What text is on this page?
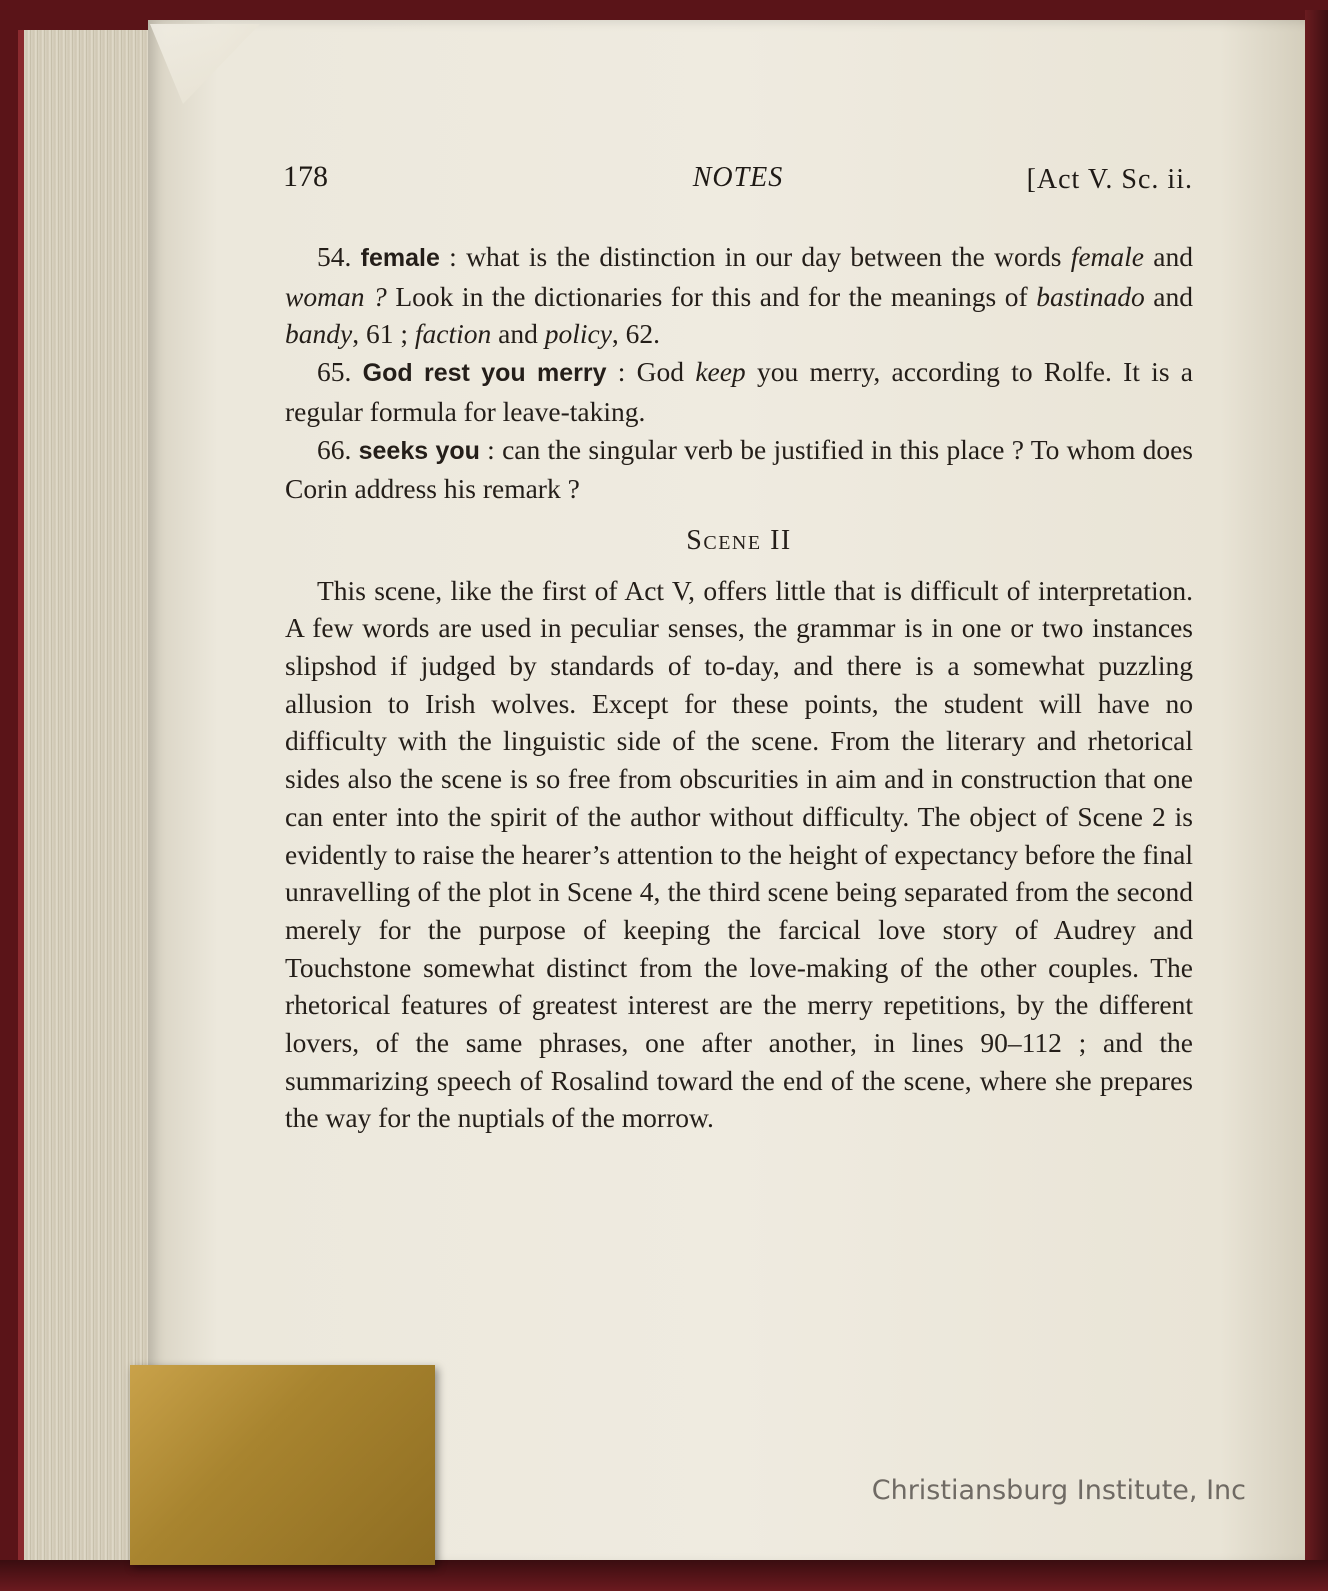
178	NOTES	[Act V. Sc. ii.

54. female : what is the distinction in our day between the words female and woman ? Look in the dictionaries for this and for the meanings of bastinado and bandy, 61 ; faction and policy, 62.

65. God rest you merry : God keep you merry, according to Rolfe. It is a regular formula for leave-taking.

66. seeks you : can the singular verb be justified in this place ? To whom does Corin address his remark ?

Scene II

This scene, like the first of Act V, offers little that is difficult of interpretation. A few words are used in peculiar senses, the grammar is in one or two instances slipshod if judged by standards of to-day, and there is a somewhat puzzling allusion to Irish wolves. Except for these points, the student will have no difficulty with the linguistic side of the scene. From the literary and rhetorical sides also the scene is so free from obscurities in aim and in construction that one can enter into the spirit of the author without difficulty. The object of Scene 2 is evidently to raise the hearer’s attention to the height of expectancy before the final unravelling of the plot in Scene 4, the third scene being separated from the second merely for the purpose of keeping the farcical love story of Audrey and Touchstone somewhat distinct from the love-making of the other couples. The rhetorical features of greatest interest are the merry repetitions, by the different lovers, of the same phrases, one after another, in lines 90–112 ; and the summarizing speech of Rosalind toward the end of the scene, where she prepares the way for the nuptials of the morrow.

Christiansburg Institute, Inc
